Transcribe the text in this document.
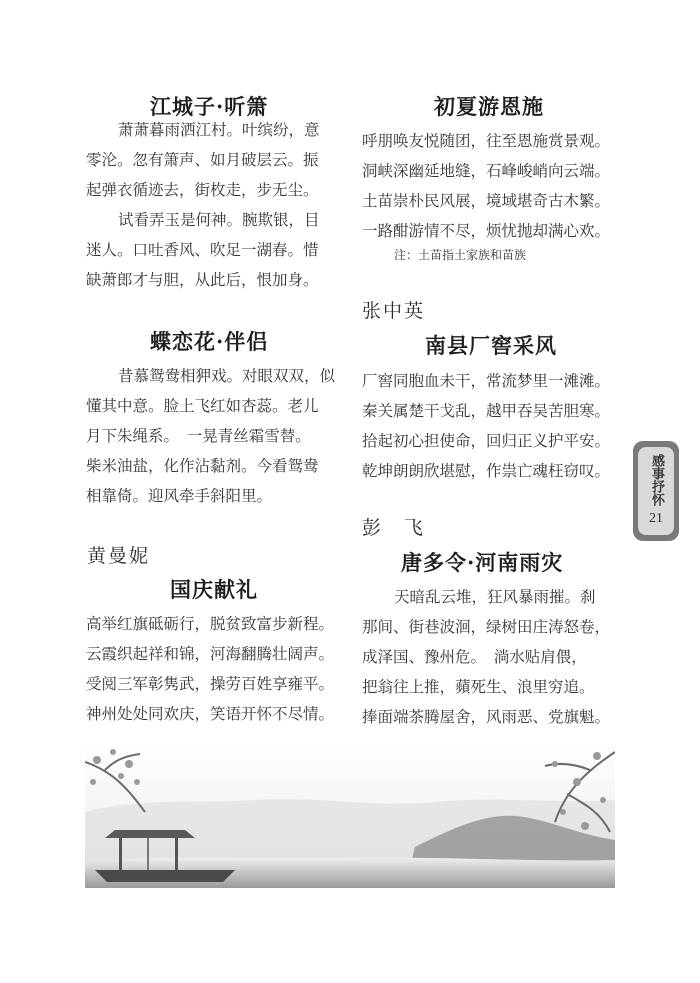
江城子·听箫
萧萧暮雨洒江村。叶缤纷，意
零沦。忽有箫声、如月破层云。振
起弹衣循迹去，街枚走，步无尘。
试看弄玉是何神。腕欺银，目
迷人。口吐香风、吹足一湖春。惜
缺萧郎才与胆，从此后，恨加身。
蝶恋花·伴侣
昔慕鸳鸯相狎戏。对眼双双，似
懂其中意。脸上飞红如杏蕊。老儿
月下朱绳系。　一晃青丝霜雪替。
柴米油盐，化作沾黏剂。今看鸳鸯
相靠倚。迎风牵手斜阳里。
黄曼妮
国庆献礼
高举红旗砥砺行，脱贫致富步新程。
云霞织起祥和锦，河海翻腾壮阔声。
受阅三军彰隽武，操劳百姓享雍平。
神州处处同欢庆，笑语开怀不尽情。
初夏游恩施
呼朋唤友悦随团，往至恩施赏景观。
洞峡深幽延地缝，石峰峻峭向云端。
土苗崇朴民风展，境域堪奇古木繁。
一路酣游情不尽，烦忧抛却满心欢。
注：土苗指土家族和苗族
张中英
南县厂窖采风
厂窖同胞血未干，常流梦里一滩滩。
秦关属楚干戈乱，越甲吞吴苦胆寒。
拾起初心担使命，回归正义护平安。
乾坤朗朗欣堪慰，作祟亡魂枉窃叹。
彭　飞
唐多令·河南雨灾
天暗乱云堆，狂风暴雨摧。刹
那间、街巷波洄，绿树田庄涛怒卷，
成泽国、豫州危。　淌水贴肩偎，
把翁往上推，蘋死生、浪里穷追。
捧面端茶腾屋舍，风雨恶、党旗魁。
感事抒怀
21
